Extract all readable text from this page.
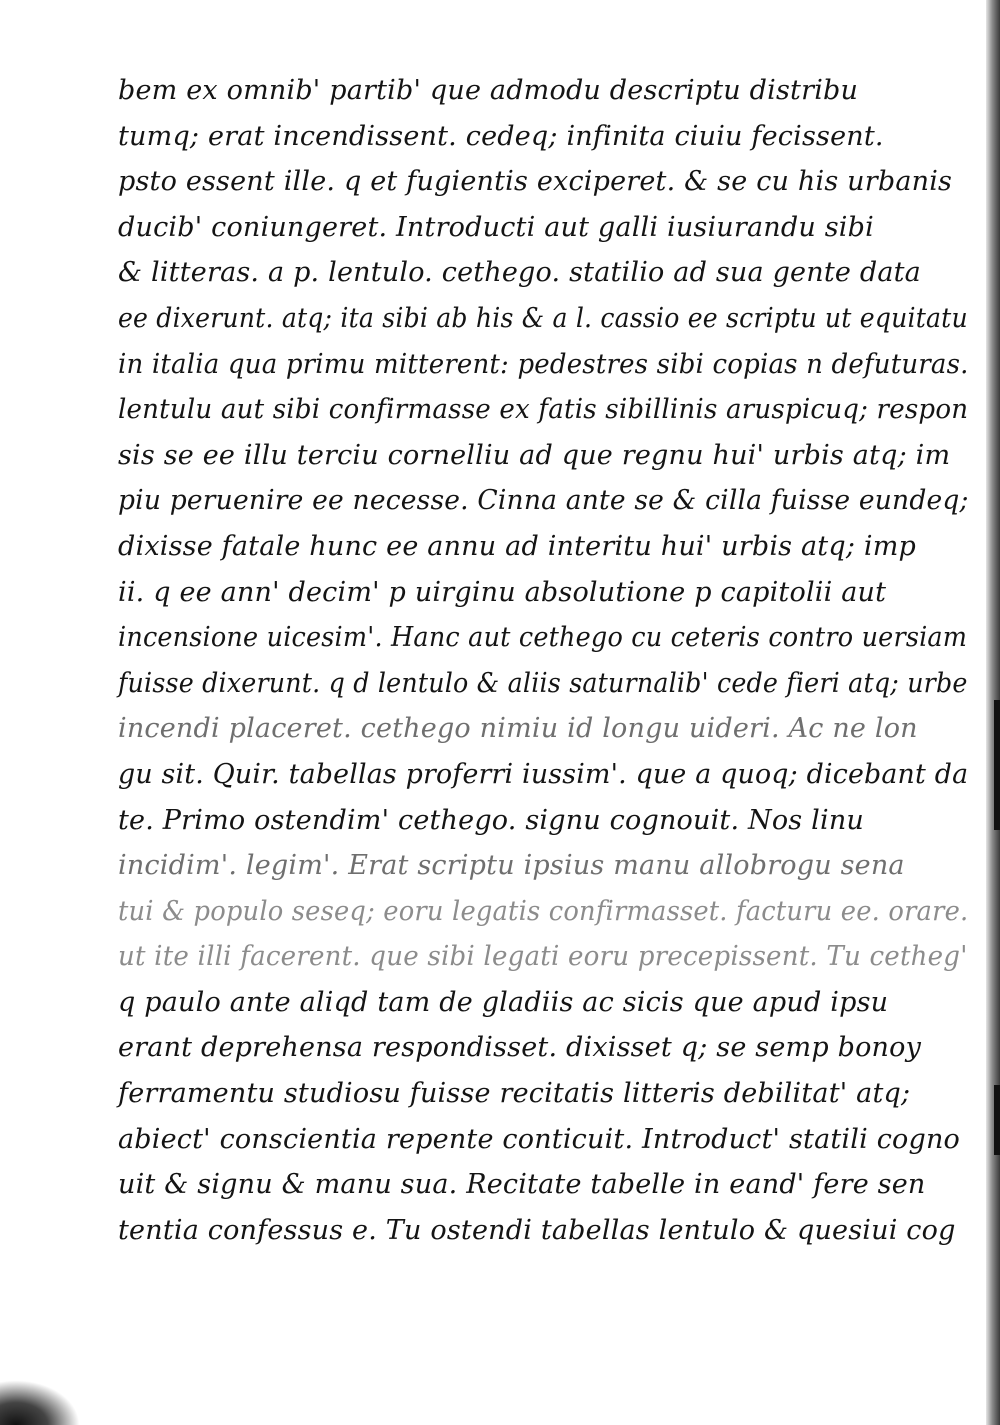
bem ex omnib' partib' que admodu descriptu distribu
tumq; erat incendissent. cedeq; infinita ciuiu fecissent.
psto essent ille. q et fugientis exciperet. & se cu his urbanis
ducib' coniungeret. Introducti aut galli iusiurandu sibi
& litteras. a p. lentulo. cethego. statilio ad sua gente data
ee dixerunt. atq; ita sibi ab his & a l. cassio ee scriptu ut equitatu
in italia qua primu mitterent: pedestres sibi copias n defuturas.
lentulu aut sibi confirmasse ex fatis sibillinis aruspicuq; respon
sis se ee illu terciu cornelliu ad que regnu hui' urbis atq; im
piu peruenire ee necesse. Cinna ante se & cilla fuisse eundeq;
dixisse fatale hunc ee annu ad interitu hui' urbis atq; imp
ii. q ee ann' decim' p uirginu absolutione p capitolii aut
incensione uicesim'. Hanc aut cethego cu ceteris contro uersiam
fuisse dixerunt. q d lentulo & aliis saturnalib' cede fieri atq; urbe
incendi placeret. cethego nimiu id longu uideri. Ac ne lon
gu sit. Quir. tabellas proferri iussim'. que a quoq; dicebant da
te. Primo ostendim' cethego. signu cognouit. Nos linu
incidim'. legim'. Erat scriptu ipsius manu allobrogu sena
tui & populo seseq; eoru legatis confirmasset. facturu ee. orare.
ut ite illi facerent. que sibi legati eoru precepissent. Tu cetheg'
q paulo ante aliqd tam de gladiis ac sicis que apud ipsu
erant deprehensa respondisset. dixisset q; se semp bonoy
ferramentu studiosu fuisse recitatis litteris debilitat' atq;
abiect' conscientia repente conticuit. Introduct' statili cogno
uit & signu & manu sua. Recitate tabelle in eand' fere sen
tentia confessus e. Tu ostendi tabellas lentulo & quesiui cog
